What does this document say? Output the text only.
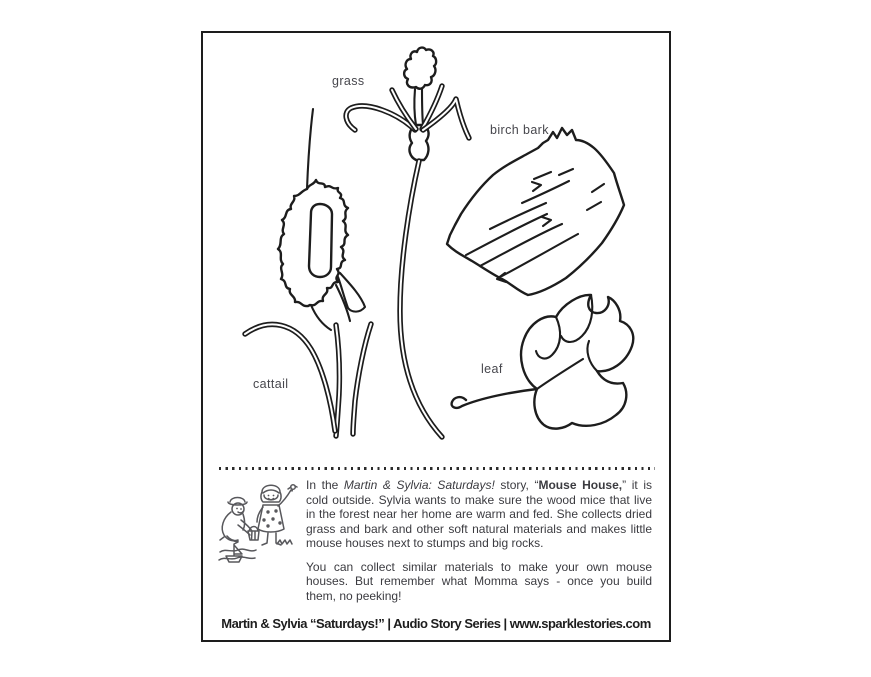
grass
birch bark
cattail
leaf

In the Martin & Sylvia: Saturdays! story, “Mouse House,” it is cold outside. Sylvia wants to make sure the wood mice that live in the forest near her home are warm and fed. She collects dried grass and bark and other soft natural materials and makes little mouse houses next to stumps and big rocks.

You can collect similar materials to make your own mouse houses. But remember what Momma says - once you build them, no peeking!

Martin & Sylvia “Saturdays!” | Audio Story Series | www.sparklestories.com
